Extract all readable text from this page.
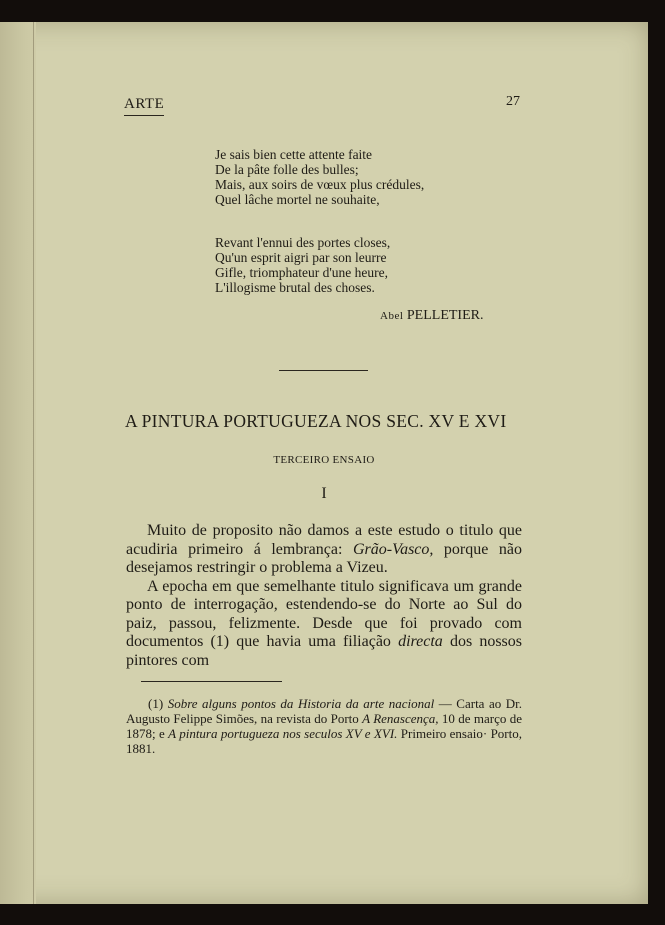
ARTE	27
Je sais bien cette attente faite
De la pâte folle des bulles;
Mais, aux soirs de vœux plus crédules,
Quel lâche mortel ne souhaite,
Revant l'ennui des portes closes,
Qu'un esprit aigri par son leurre
Gifle, triomphateur d'une heure,
L'illogisme brutal des choses.
Abel PELLETIER.
A PINTURA PORTUGUEZA NOS SEC. XV E XVI
TERCEIRO ENSAIO
I

Muito de proposito não damos a este estudo o titulo que acudiria primeiro á lembrança: Grão-Vasco, porque não desejamos restringir o problema a Vizeu.

A epocha em que semelhante titulo significava um grande ponto de interrogação, estendendo-se do Norte ao Sul do paiz, passou, felizmente. Desde que foi provado com documentos (1) que havia uma filiação directa dos nossos pintores com

(1) Sobre alguns pontos da Historia da arte nacional — Carta ao Dr. Augusto Felippe Simões, na revista do Porto A Renascença, 10 de março de 1878; e A pintura portugueza nos seculos XV e XVI. Primeiro ensaio· Porto, 1881.
